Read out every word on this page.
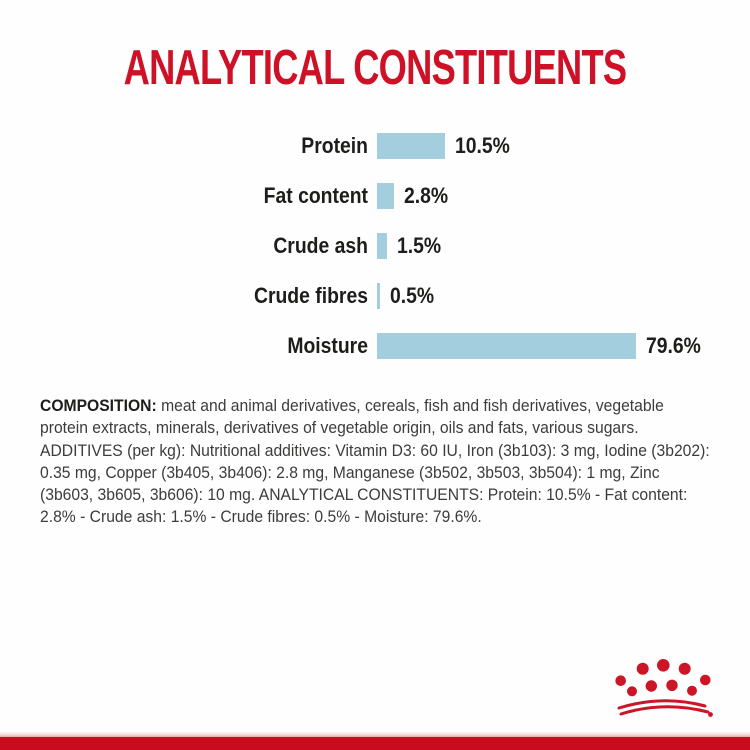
ANALYTICAL CONSTITUENTS
Protein	10.5%
Fat content 2.8%
Crude ash 1.5%
Crude fibres 0.5%
Moisture	79.6%

COMPOSITION: meat and animal derivatives, cereals, fish and fish derivatives, vegetable protein extracts, minerals, derivatives of vegetable origin, oils and fats, various sugars. ADDITIVES (per kg): Nutritional additives: Vitamin D3: 60 IU, Iron (3b103): 3 mg, Iodine (3b202): 0.35 mg, Copper (3b405, 3b406): 2.8 mg, Manganese (3b502, 3b503, 3b504): 1 mg, Zinc (3b603, 3b605, 3b606): 10 mg. ANALYTICAL CONSTITUENTS: Protein: 10.5% - Fat content: 2.8% - Crude ash: 1.5% - Crude fibres: 0.5% - Moisture: 79.6%.
